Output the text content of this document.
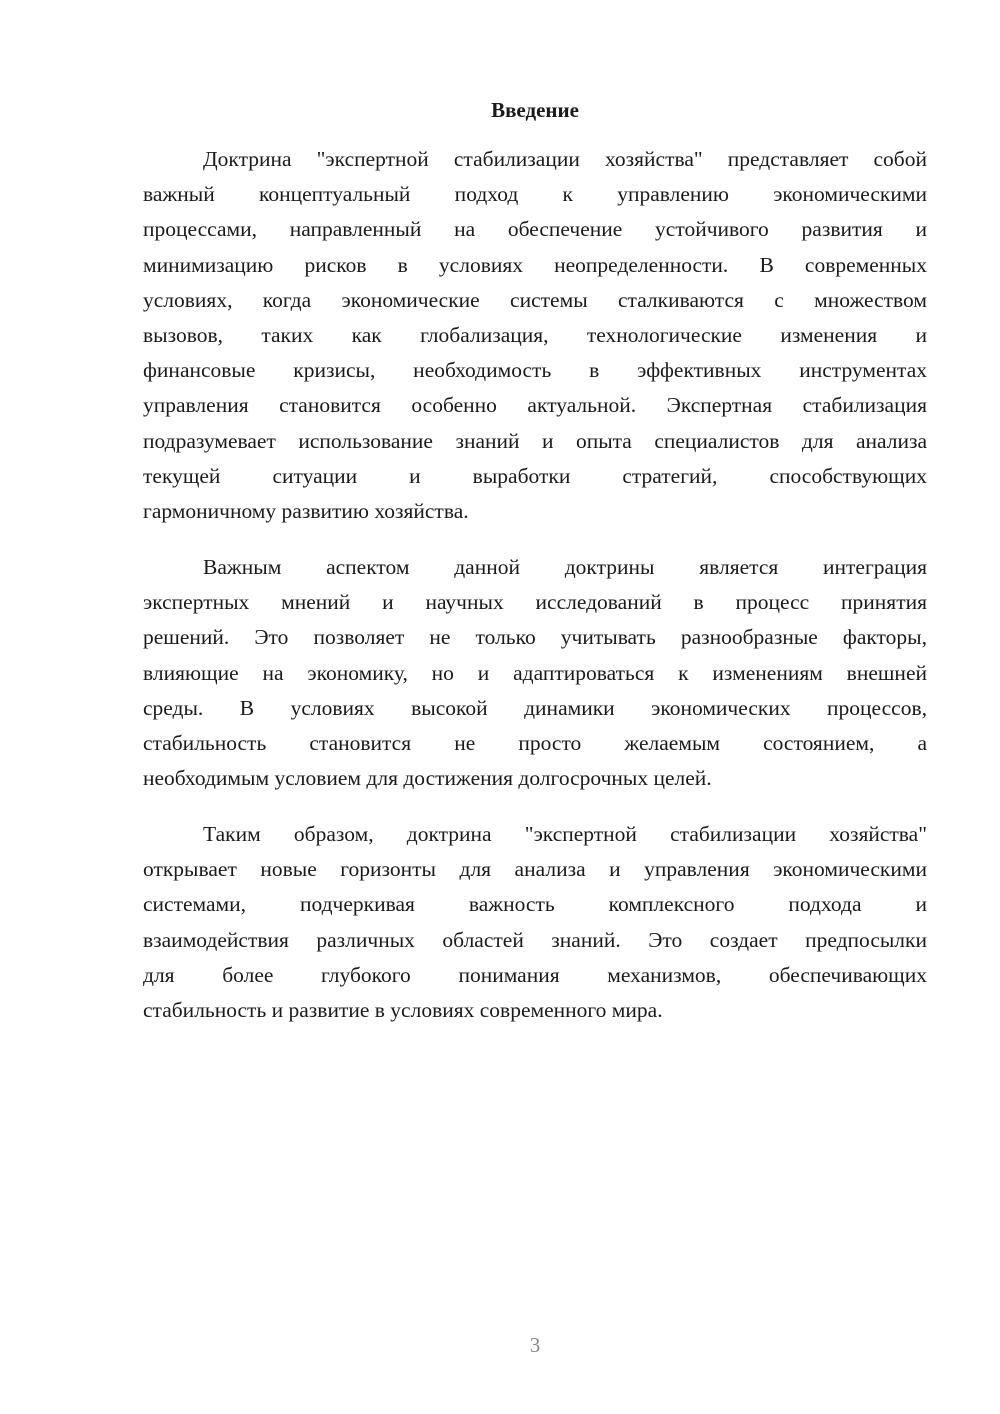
Введение
Доктрина "экспертной стабилизации хозяйства" представляет собой
важный концептуальный подход к управлению экономическими
процессами, направленный на обеспечение устойчивого развития и
минимизацию рисков в условиях неопределенности. В современных
условиях, когда экономические системы сталкиваются с множеством
вызовов, таких как глобализация, технологические изменения и
финансовые кризисы, необходимость в эффективных инструментах
управления становится особенно актуальной. Экспертная стабилизация
подразумевает использование знаний и опыта специалистов для анализа
текущей ситуации и выработки стратегий, способствующих
гармоничному развитию хозяйства.
Важным аспектом данной доктрины является интеграция
экспертных мнений и научных исследований в процесс принятия
решений. Это позволяет не только учитывать разнообразные факторы,
влияющие на экономику, но и адаптироваться к изменениям внешней
среды. В условиях высокой динамики экономических процессов,
стабильность становится не просто желаемым состоянием, а
необходимым условием для достижения долгосрочных целей.
Таким образом, доктрина "экспертной стабилизации хозяйства"
открывает новые горизонты для анализа и управления экономическими
системами, подчеркивая важность комплексного подхода и
взаимодействия различных областей знаний. Это создает предпосылки
для более глубокого понимания механизмов, обеспечивающих
стабильность и развитие в условиях современного мира.
3
